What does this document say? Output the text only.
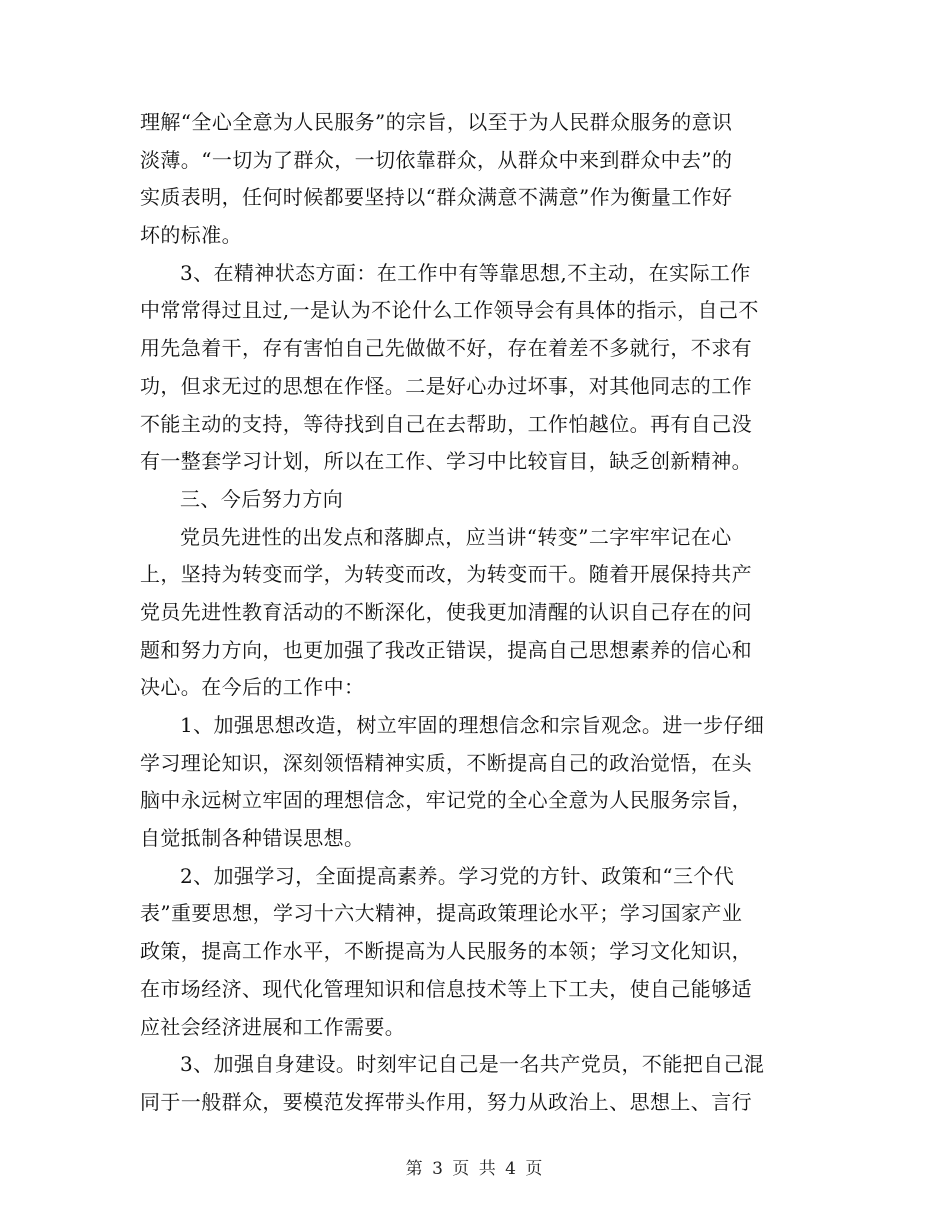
理解“全心全意为人民服务”的宗旨，以至于为人民群众服务的意识
淡薄。“一切为了群众，一切依靠群众，从群众中来到群众中去”的
实质表明，任何时候都要坚持以“群众满意不满意”作为衡量工作好
坏的标准。
3、在精神状态方面：在工作中有等靠思想,不主动，在实际工作
中常常得过且过,一是认为不论什么工作领导会有具体的指示，自己不
用先急着干，存有害怕自己先做做不好，存在着差不多就行，不求有
功，但求无过的思想在作怪。二是好心办过坏事，对其他同志的工作
不能主动的支持，等待找到自己在去帮助，工作怕越位。再有自己没
有一整套学习计划，所以在工作、学习中比较盲目，缺乏创新精神。
三、今后努力方向
党员先进性的出发点和落脚点，应当讲“转变”二字牢牢记在心
上，坚持为转变而学，为转变而改，为转变而干。随着开展保持共产
党员先进性教育活动的不断深化，使我更加清醒的认识自己存在的问
题和努力方向，也更加强了我改正错误，提高自己思想素养的信心和
决心。在今后的工作中：
1、加强思想改造，树立牢固的理想信念和宗旨观念。进一步仔细
学习理论知识，深刻领悟精神实质，不断提高自己的政治觉悟，在头
脑中永远树立牢固的理想信念，牢记党的全心全意为人民服务宗旨，
自觉抵制各种错误思想。
2、加强学习，全面提高素养。学习党的方针、政策和“三个代
表”重要思想，学习十六大精神，提高政策理论水平；学习国家产业
政策，提高工作水平，不断提高为人民服务的本领；学习文化知识，
在市场经济、现代化管理知识和信息技术等上下工夫，使自己能够适
应社会经济进展和工作需要。
3、加强自身建设。时刻牢记自己是一名共产党员，不能把自己混
同于一般群众，要模范发挥带头作用，努力从政治上、思想上、言行
第 3 页 共 4 页
